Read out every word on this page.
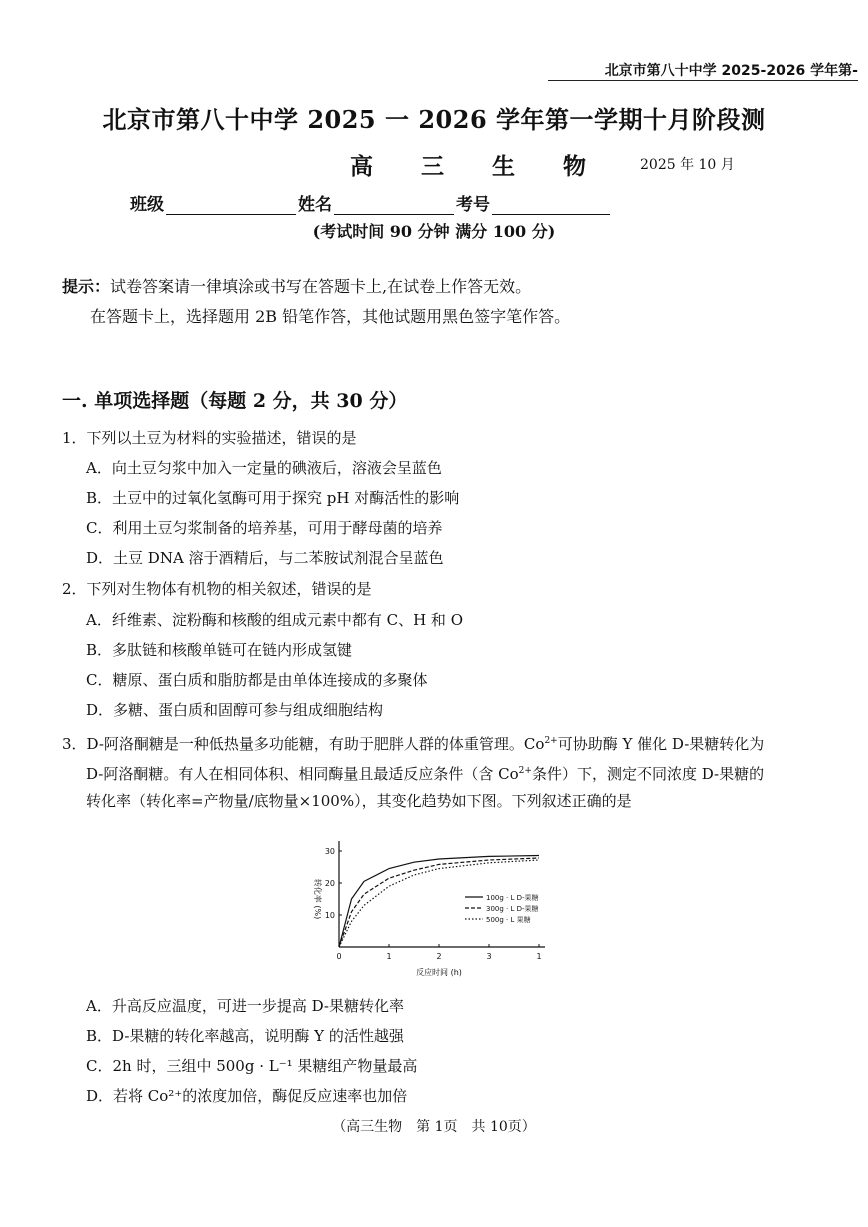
北京市第八十中学 2025-2026 学年第-
北京市第八十中学 2025 一 2026 学年第一学期十月阶段测
高 三 生 物 2025 年 10 月
班级	姓名	考号
(考试时间 90 分钟 满分 100 分)
提示：试卷答案请一律填涂或书写在答题卡上,在试卷上作答无效。
在答题卡上，选择题用 2B 铅笔作答，其他试题用黑色签字笔作答。
一. 单项选择题（每题 2 分，共 30 分）
1．下列以土豆为材料的实验描述，错误的是
A．向土豆匀浆中加入一定量的碘液后，溶液会呈蓝色
B．土豆中的过氧化氢酶可用于探究 pH 对酶活性的影响
C．利用土豆匀浆制备的培养基，可用于酵母菌的培养
D．土豆 DNA 溶于酒精后，与二苯胺试剂混合呈蓝色
2．下列对生物体有机物的相关叙述，错误的是
A．纤维素、淀粉酶和核酸的组成元素中都有 C、H 和 O
B．多肽链和核酸单链可在链内形成氢键
C．糖原、蛋白质和脂肪都是由单体连接成的多聚体
D．多糖、蛋白质和固醇可参与组成细胞结构
3．D-阿洛酮糖是一种低热量多功能糖，有助于肥胖人群的体重管理。$Co^{2+}$可协助酶 Y 催化 D-果糖转化为
D-阿洛酮糖。有人在相同体积、相同酶量且最适反应条件（含 $Co^{2+}$条件）下，测定不同浓度 D-果糖的
转化率（转化率=产物量/底物量×100%），其变化趋势如下图。下列叙述正确的是
0	1	2	3	1
10
20
30
反应时间 (h)
转化率 (%)	100g · L D-果糖
300g · L D-果糖
500g · L 果糖
A．升高反应温度，可进一步提高 D-果糖转化率
B．D-果糖的转化率越高，说明酶 Y 的活性越强
C．2h 时，三组中 500g · L⁻¹ 果糖组产物量最高
D．若将 Co²⁺的浓度加倍，酶促反应速率也加倍
（高三生物　第 1页　共 10页）
